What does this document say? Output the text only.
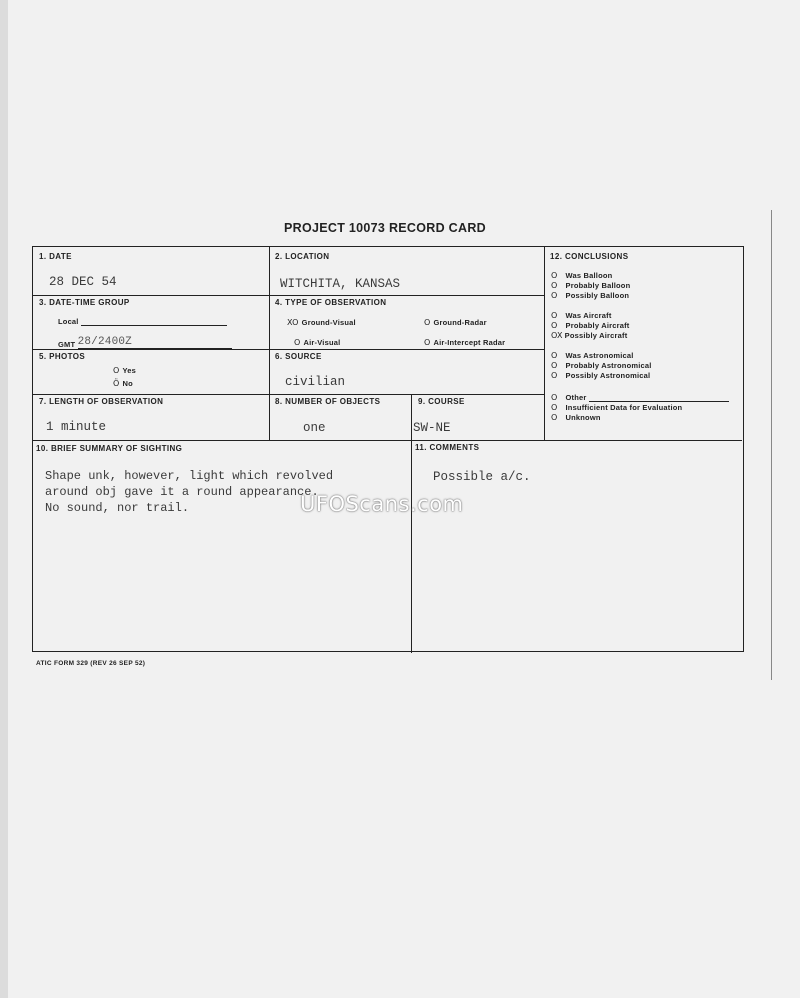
PROJECT 10073 RECORD CARD
1. DATE
28 DEC 54
2. LOCATION
WITCHITA, KANSAS
3. DATE-TIME GROUP
Local
GMT 28/2400Z
4. TYPE OF OBSERVATION
XO Ground-Visual	O Ground-Radar
O Air-Visual	O Air-Intercept Radar
5. PHOTOS
O Yes
Ö No
6. SOURCE
civilian
7. LENGTH OF OBSERVATION
1 minute
8. NUMBER OF OBJECTS
one
9. COURSE
SW-NE
10. BRIEF SUMMARY OF SIGHTING
Shape unk, however, light which revolved
around obj gave it a round appearance.
No sound, nor trail.
11. COMMENTS
Possible a/c.
12. CONCLUSIONS
O Was Balloon
O Probably Balloon
O Possibly Balloon
O Was Aircraft
O Probably Aircraft
OX Possibly Aircraft
O Was Astronomical
O Probably Astronomical
O Possibly Astronomical
O Other
O Insufficient Data for Evaluation
O Unknown
UFOScans.com
ATIC FORM 329 (REV 26 SEP 52)
